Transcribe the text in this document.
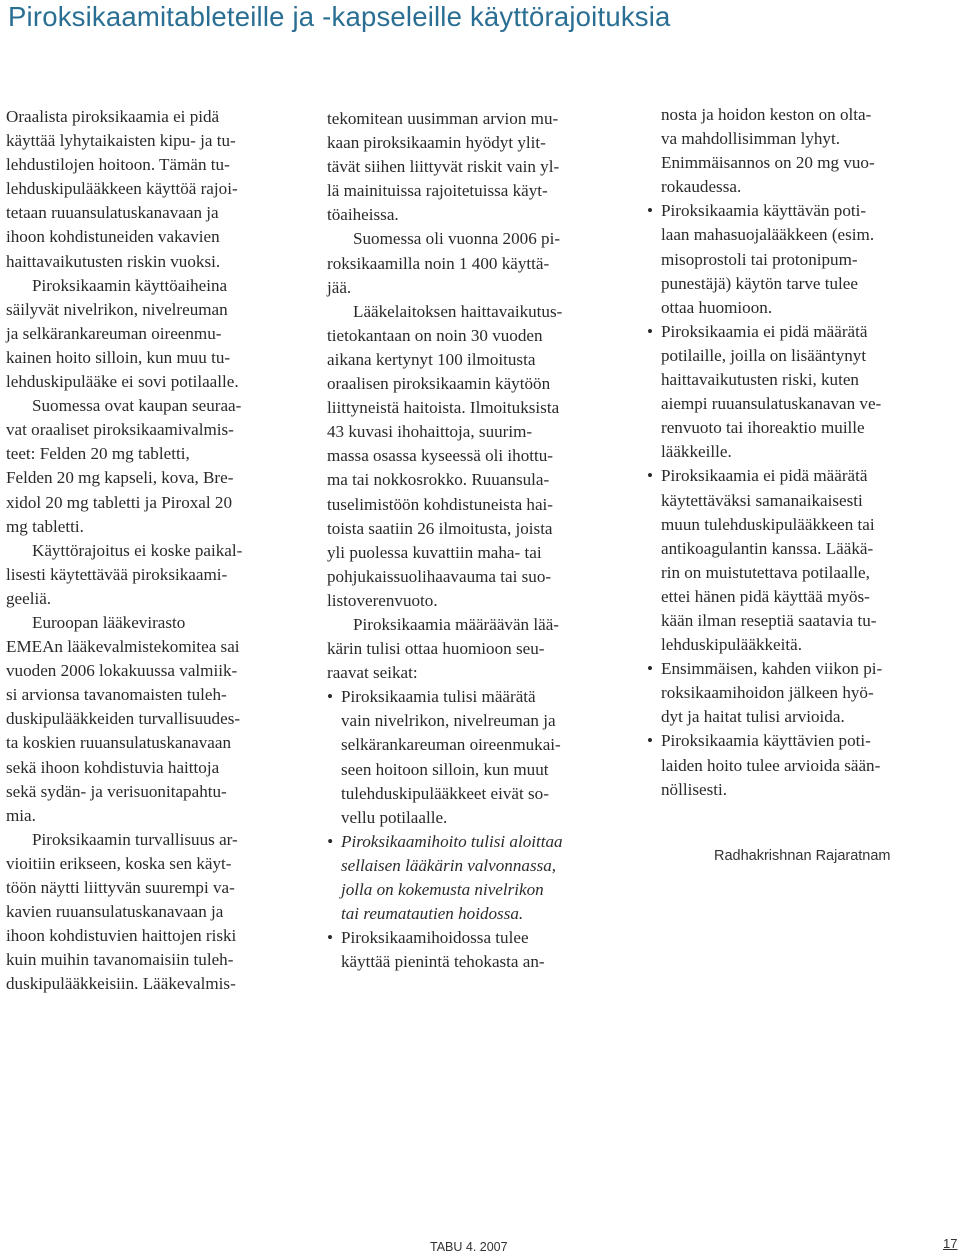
Piroksikaamitableteille ja -kapseleille käyttörajoituksia
Oraalista piroksikaamia ei pidä
käyttää lyhytaikaisten kipu- ja tu-
lehdustilojen hoitoon. Tämän tu-
lehduskipulääkkeen käyttöä rajoi-
tetaan ruuansulatuskanavaan ja
ihoon kohdistuneiden vakavien
haittavaikutusten riskin vuoksi.
Piroksikaamin käyttöaiheina
säilyvät nivelrikon, nivelreuman
ja selkärankareuman oireenmu-
kainen hoito silloin, kun muu tu-
lehduskipulääke ei sovi potilaalle.
Suomessa ovat kaupan seuraa-
vat oraaliset piroksikaamivalmis-
teet: Felden 20 mg tabletti,
Felden 20 mg kapseli, kova, Bre-
xidol 20 mg tabletti ja Piroxal 20
mg tabletti.
Käyttörajoitus ei koske paikal-
lisesti käytettävää piroksikaami-
geeliä.
Euroopan lääkevirasto
EMEAn lääkevalmistekomitea sai
vuoden 2006 lokakuussa valmiik-
si arvionsa tavanomaisten tuleh-
duskipulääkkeiden turvallisuudes-
ta koskien ruuansulatuskanavaan
sekä ihoon kohdistuvia haittoja
sekä sydän- ja verisuonitapahtu-
mia.
Piroksikaamin turvallisuus ar-
vioitiin erikseen, koska sen käyt-
töön näytti liittyvän suurempi va-
kavien ruuansulatuskanavaan ja
ihoon kohdistuvien haittojen riski
kuin muihin tavanomaisiin tuleh-
duskipulääkkeisiin. Lääkevalmis-
tekomitean uusimman arvion mu-
kaan piroksikaamin hyödyt ylit-
tävät siihen liittyvät riskit vain yl-
lä mainituissa rajoitetuissa käyt-
töaiheissa.
Suomessa oli vuonna 2006 pi-
roksikaamilla noin 1 400 käyttä-
jää.
Lääkelaitoksen haittavaikutus-
tietokantaan on noin 30 vuoden
aikana kertynyt 100 ilmoitusta
oraalisen piroksikaamin käytöön
liittyneistä haitoista. Ilmoituksista
43 kuvasi ihohaittoja, suurim-
massa osassa kyseessä oli ihottu-
ma tai nokkosrokko. Ruuansula-
tuselimistöön kohdistuneista hai-
toista saatiin 26 ilmoitusta, joista
yli puolessa kuvattiin maha- tai
pohjukaissuolihaavauma tai suo-
listoverenvuoto.
Piroksikaamia määräävän lää-
kärin tulisi ottaa huomioon seu-
raavat seikat:
• Piroksikaamia tulisi määrätä
vain nivelrikon, nivelreuman ja
selkärankareuman oireenmukai-
seen hoitoon silloin, kun muut
tulehduskipulääkkeet eivät so-
vellu potilaalle.
• Piroksikaamihoito tulisi aloittaa
sellaisen lääkärin valvonnassa,
jolla on kokemusta nivelrikon
tai reumatautien hoidossa.
• Piroksikaamihoidossa tulee
käyttää pienintä tehokasta an-
nosta ja hoidon keston on olta-
va mahdollisimman lyhyt.
Enimmäisannos on 20 mg vuo-
rokaudessa.
• Piroksikaamia käyttävän poti-
laan mahasuojalääkkeen (esim.
misoprostoli tai protonipum-
punestäjä) käytön tarve tulee
ottaa huomioon.
• Piroksikaamia ei pidä määrätä
potilaille, joilla on lisääntynyt
haittavaikutusten riski, kuten
aiempi ruuansulatuskanavan ve-
renvuoto tai ihoreaktio muille
lääkkeille.
• Piroksikaamia ei pidä määrätä
käytettäväksi samanaikaisesti
muun tulehduskipulääkkeen tai
antikoagulantin kanssa. Lääkä-
rin on muistutettava potilaalle,
ettei hänen pidä käyttää myös-
kään ilman reseptiä saatavia tu-
lehduskipulääkkeitä.
• Ensimmäisen, kahden viikon pi-
roksikaamihoidon jälkeen hyö-
dyt ja haitat tulisi arvioida.
• Piroksikaamia käyttävien poti-
laiden hoito tulee arvioida sään-
nöllisesti.
Radhakrishnan Rajaratnam
TABU 4. 2007	17
